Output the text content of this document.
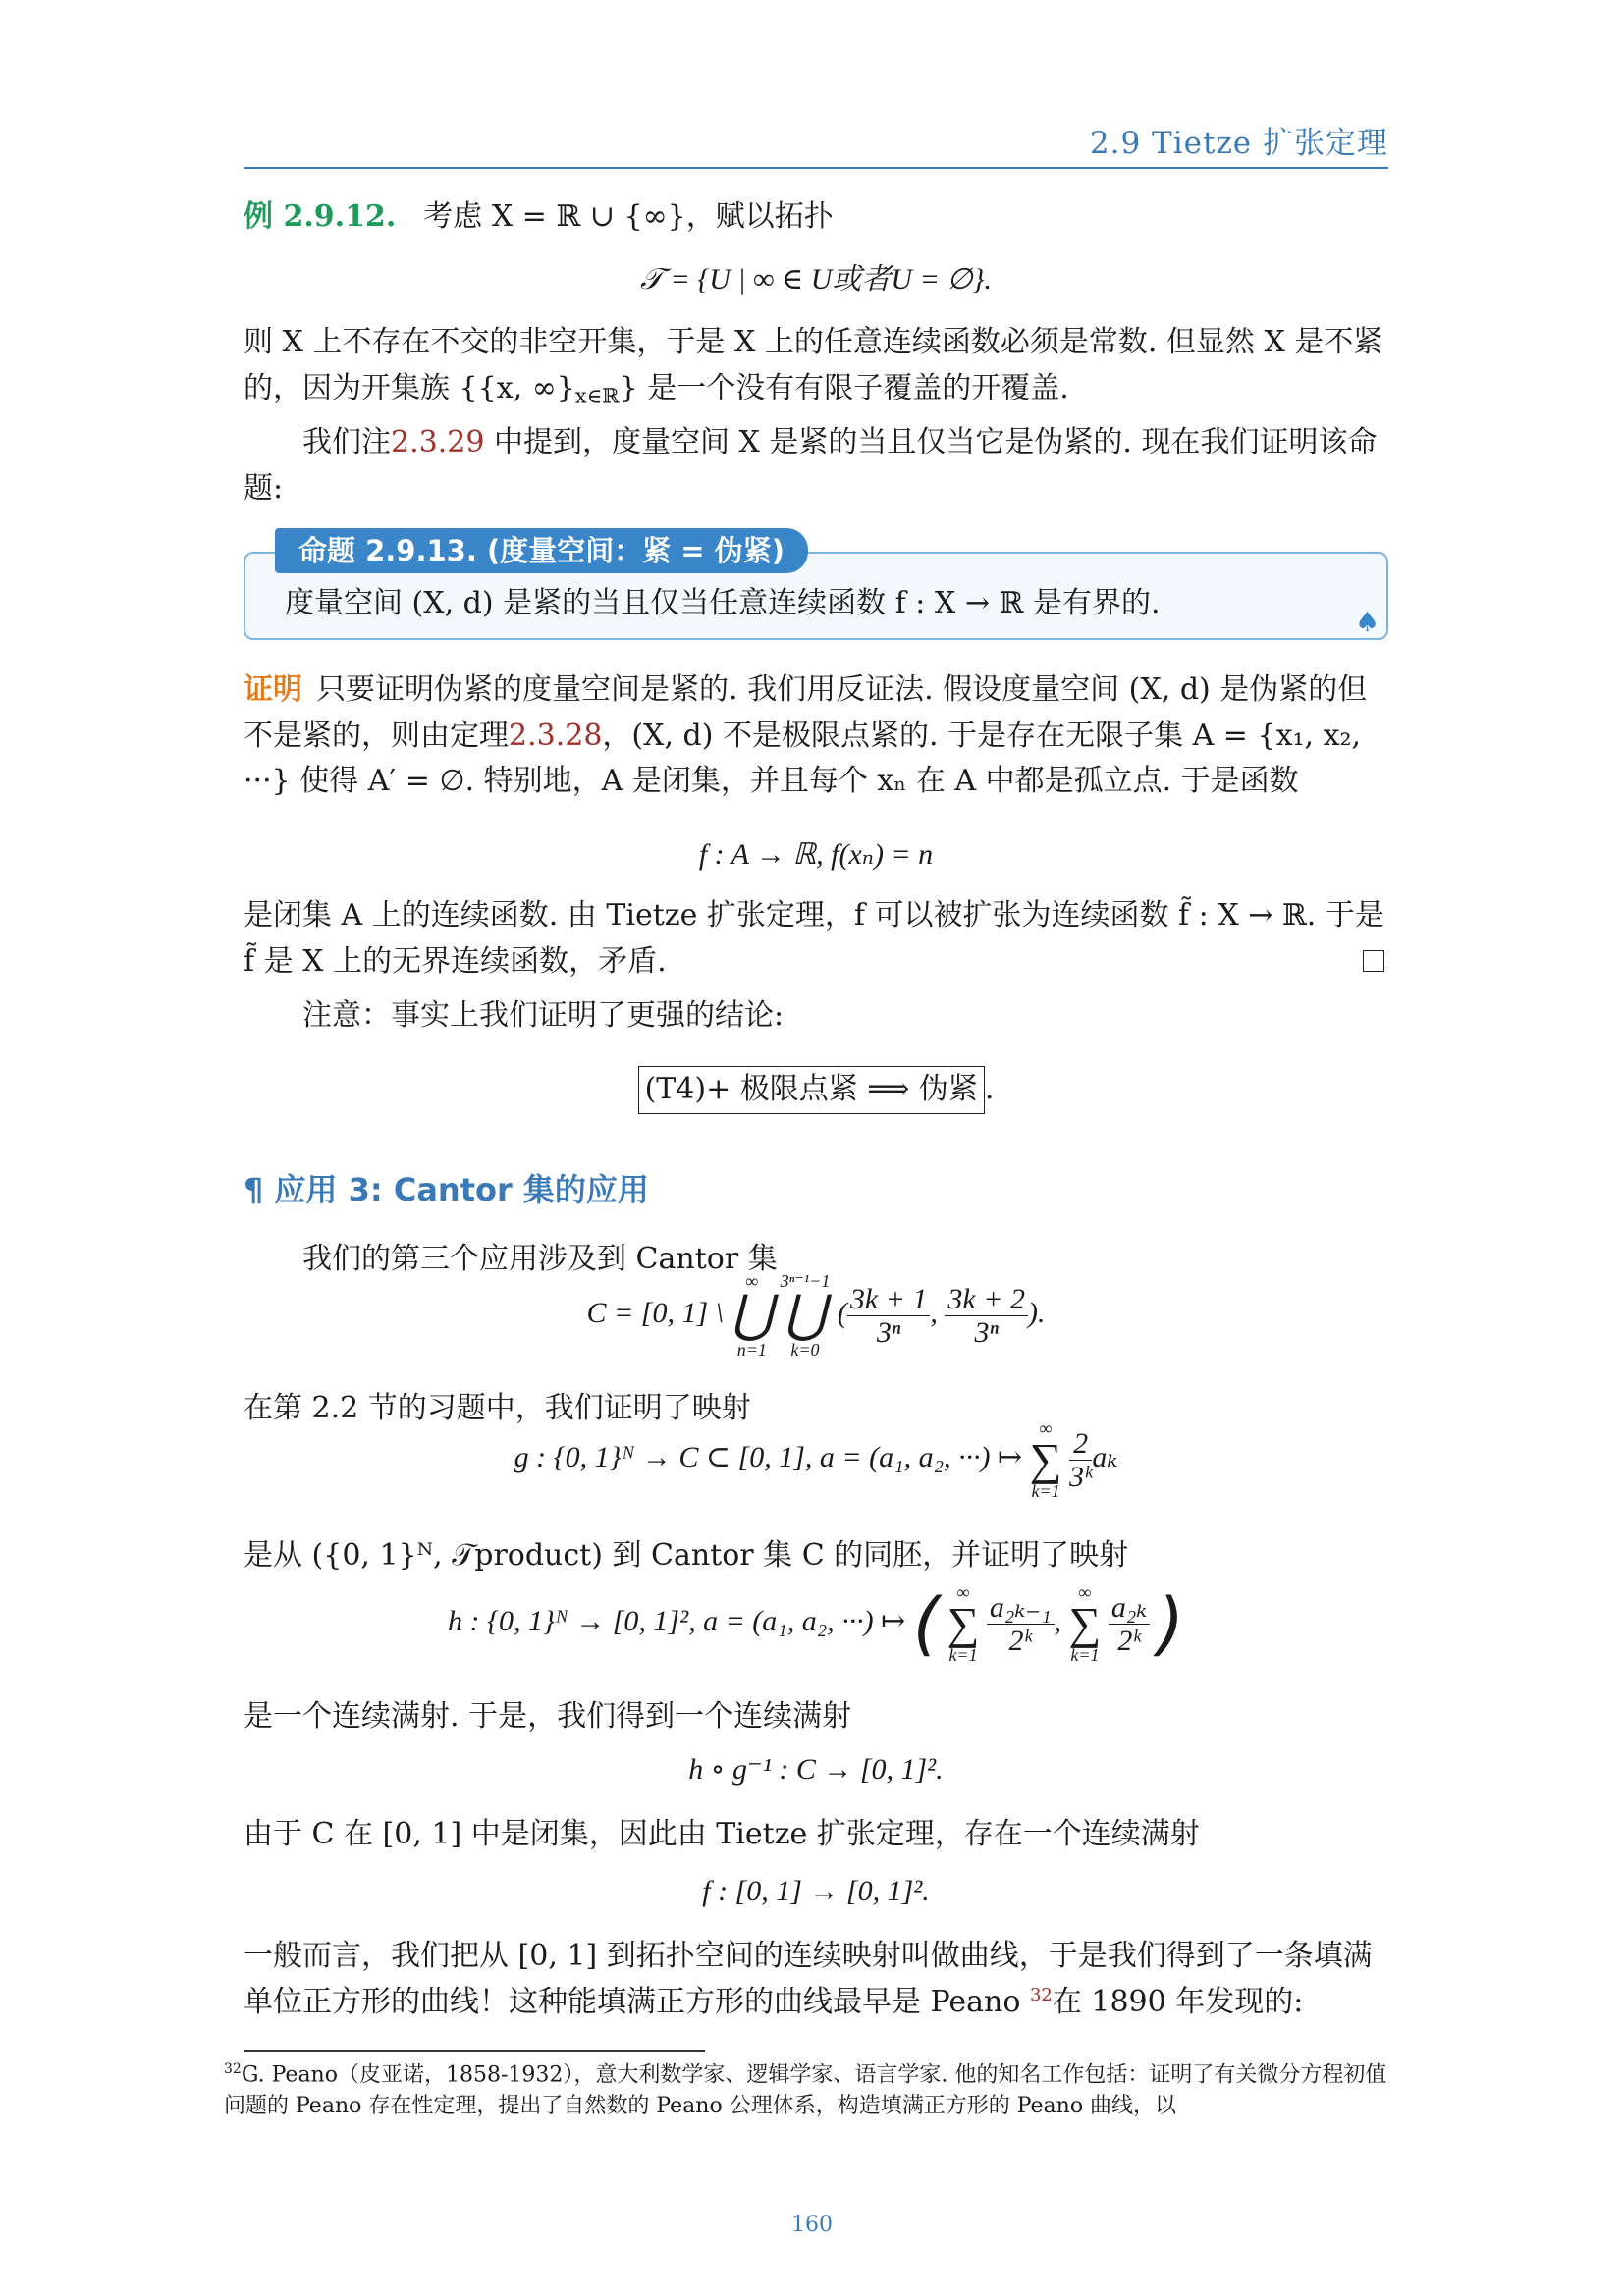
2.9 Tietze 扩张定理
例 2.9.12. 考虑 X = ℝ ∪ {∞}，赋以拓扑
𝒯 = {U | ∞ ∈ U或者U = ∅}.
则 X 上不存在不交的非空开集，于是 X 上的任意连续函数必须是常数. 但显然 X 是不紧的，因为开集族 {{x, $\infty\}_{x\in ℝ}$} 是一个没有有限子覆盖的开覆盖.
我们注2.3.29 中提到，度量空间 X 是紧的当且仅当它是伪紧的. 现在我们证明该命题:
命题 2.9.13. (度量空间：紧 = 伪紧)
度量空间 (X, d) 是紧的当且仅当任意连续函数 f : X → ℝ 是有界的.
♠
证明 只要证明伪紧的度量空间是紧的. 我们用反证法. 假设度量空间 (X, d) 是伪紧的但不是紧的，则由定理2.3.28，(X, d) 不是极限点紧的. 于是存在无限子集 A = {x₁, x₂, ···} 使得 A′ = ∅. 特别地，A 是闭集，并且每个 xₙ 在 A 中都是孤立点. 于是函数
f : A → ℝ, f(xₙ) = n
是闭集 A 上的连续函数. 由 Tietze 扩张定理，f 可以被扩张为连续函数 f̃ : X → ℝ. 于是 f̃ 是 X 上的无界连续函数，矛盾.
注意：事实上我们证明了更强的结论:
(T4)+ 极限点紧 ⟹ 伪紧 .
¶ 应用 3: Cantor 集的应用
我们的第三个应用涉及到 Cantor 集
C = [0, 1] \
∞
⋃
n=1

3ⁿ⁻¹−1
⋃
k=0
( $\frac{3k + 1}{\text{3ⁿ}}$ , $\frac{3k + 2}{\text{3ⁿ}}$ ).
在第 2.2 节的习题中，我们证明了映射
g : {0, 1}ᴺ → C ⊂ [0, 1], a = (a₁, a₂, ···) ↦
∞
∑
k=1
$\frac{2}{\text{3ᵏ}}$ aₖ
是从 ({0, 1}ᴺ, 𝒯product) 到 Cantor 集 C 的同胚，并证明了映射
h : {0, 1}ᴺ → [0, 1]², a = (a₁, a₂, ···) ↦ ( ∞
∑
k=1
$\frac{\text{a₂ₖ₋₁}}{\text{2ᵏ}}$ ,
∞
∑
k=1
$\frac{\text{a₂ₖ}}{\text{2ᵏ}}$ )
是一个连续满射. 于是，我们得到一个连续满射
h ∘ g⁻¹ : C → [0, 1]².
由于 C 在 [0, 1] 中是闭集，因此由 Tietze 扩张定理，存在一个连续满射
f : [0, 1] → [0, 1]².
一般而言，我们把从 [0, 1] 到拓扑空间的连续映射叫做曲线，于是我们得到了一条填满单位正方形的曲线！这种能填满正方形的曲线最早是 Peano $^{32}$在 1890 年发现的:
$^{32}$G. Peano（皮亚诺，1858-1932），意大利数学家、逻辑学家、语言学家. 他的知名工作包括：证明了有关微分方程初值问题的 Peano 存在性定理，提出了自然数的 Peano 公理体系，构造填满正方形的 Peano 曲线，以
160
